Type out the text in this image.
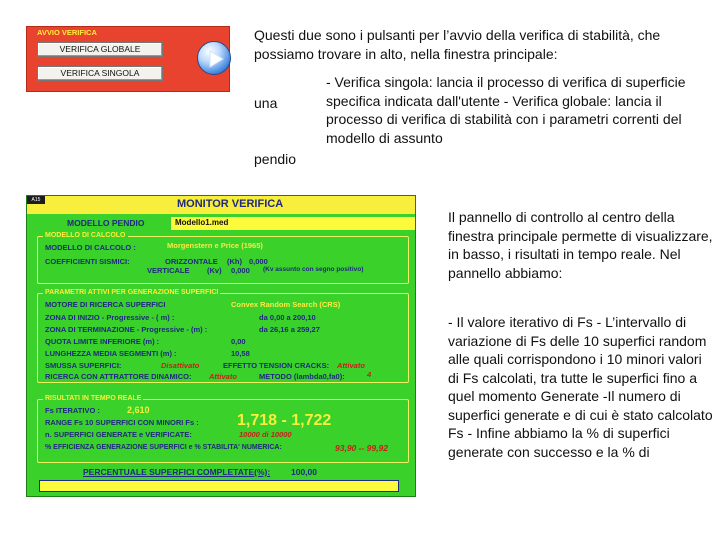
AVVIO VERIFICA
VERIFICA GLOBALE
VERIFICA SINGOLA
Questi due sono i pulsanti per l’avvio della verifica di stabilità, che possiamo trovare in alto, nella finestra principale:
una
pendio
- Verifica singola: lancia il processo di verifica di superficie specifica indicata dall'utente - Verifica globale: lancia il processo di verifica di stabilità con i parametri correnti del modello di assunto
Il pannello di controllo al centro della finestra principale permette di visualizzare, in basso, i risultati in tempo reale. Nel pannello abbiamo:
- Il valore iterativo di Fs - L’intervallo di variazione di Fs delle 10 superfici random alle quali corrispondono i 10 minori valori di Fs calcolati, tra tutte le superfici fino a quel momento Generate -Il numero di superfici generate e di cui è stato calcolato Fs - Infine abbiamo la % di superfici generate con successo e la % di
A15	MONITOR VERIFICA
MODELLO PENDIO	Modello1.med
MODELLO DI CALCOLO
MODELLO DI CALCOLO :	Morgenstern e Price (1965)
COEFFICIENTI SISMICI:	ORIZZONTALE (Kh) 0,000
VERTICALE (Kv) 0,000 (Kv assunto con segno positivo)
PARAMETRI ATTIVI PER GENERAZIONE SUPERFICI
MOTORE DI RICERCA SUPERFICI	Convex Random Search (CRS)
ZONA DI INIZIO - Progressive - ( m) :	da 0,00 a 200,10
ZONA DI TERMINAZIONE - Progressive - (m) :	da 26,16 a 259,27
QUOTA LIMITE INFERIORE (m) :	0,00
LUNGHEZZA MEDIA SEGMENTI (m) :	10,58
SMUSSA SUPERFICI:	Disattivato	EFFETTO TENSION CRACKS: Attivato
RICERCA CON ATTRATTORE DINAMICO: Attivato	METODO (lambda0,fa0):	4
RISULTATI IN TEMPO REALE
Fs ITERATIVO :	2,610
RANGE Fs 10 SUPERFICI CON MINORI Fs : 1,718 - 1,722
n. SUPERFICI GENERATE e VERIFICATE:	10000 di 10000
% EFFICIENZA GENERAZIONE SUPERFICI e % STABILITA' NUMERICA:	93,90 -- 99,92
PERCENTUALE SUPERFICI COMPLETATE(%): 100,00
